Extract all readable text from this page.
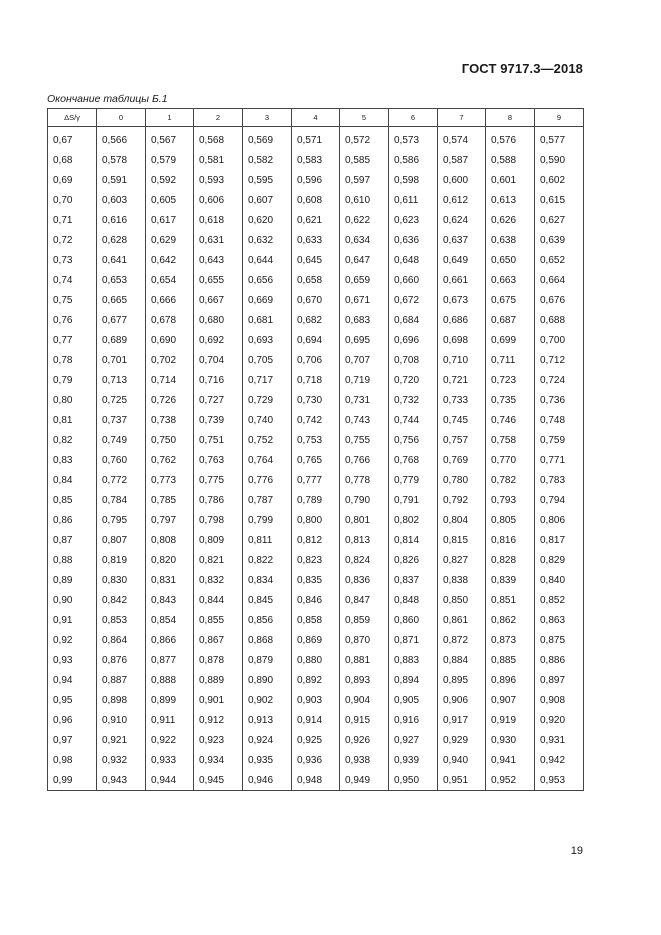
ГОСТ 9717.3—2018
Окончание таблицы Б.1
ΔS/γ	0	1	2	3	4	5	6	7	8	9
0,67	0,566	0,567	0,568	0,569	0,571	0,572	0,573	0,574	0,576	0,577
0,68	0,578	0,579	0,581	0,582	0,583	0,585	0,586	0,587	0,588	0,590
0,69	0,591	0,592	0,593	0,595	0,596	0,597	0,598	0,600	0,601	0,602
0,70	0,603	0,605	0,606	0,607	0,608	0,610	0,611	0,612	0,613	0,615
0,71	0,616	0,617	0,618	0,620	0,621	0,622	0,623	0,624	0,626	0,627
0,72	0,628	0,629	0,631	0,632	0,633	0,634	0,636	0,637	0,638	0,639
0,73	0,641	0,642	0,643	0,644	0,645	0,647	0,648	0,649	0,650	0,652
0,74	0,653	0,654	0,655	0,656	0,658	0,659	0,660	0,661	0,663	0,664
0,75	0,665	0,666	0,667	0,669	0,670	0,671	0,672	0,673	0,675	0,676
0,76	0,677	0,678	0,680	0,681	0,682	0,683	0,684	0,686	0,687	0,688
0,77	0,689	0,690	0,692	0,693	0,694	0,695	0,696	0,698	0,699	0,700
0,78	0,701	0,702	0,704	0,705	0,706	0,707	0,708	0,710	0,711	0,712
0,79	0,713	0,714	0,716	0,717	0,718	0,719	0,720	0,721	0,723	0,724
0,80	0,725	0,726	0,727	0,729	0,730	0,731	0,732	0,733	0,735	0,736
0,81	0,737	0,738	0,739	0,740	0,742	0,743	0,744	0,745	0,746	0,748
0,82	0,749	0,750	0,751	0,752	0,753	0,755	0,756	0,757	0,758	0,759
0,83	0,760	0,762	0,763	0,764	0,765	0,766	0,768	0,769	0,770	0,771
0,84	0,772	0,773	0,775	0,776	0,777	0,778	0,779	0,780	0,782	0,783
0,85	0,784	0,785	0,786	0,787	0,789	0,790	0,791	0,792	0,793	0,794
0,86	0,795	0,797	0,798	0,799	0,800	0,801	0,802	0,804	0,805	0,806
0,87	0,807	0,808	0,809	0,811	0,812	0,813	0,814	0,815	0,816	0,817
0,88	0,819	0,820	0,821	0,822	0,823	0,824	0,826	0,827	0,828	0,829
0,89	0,830	0,831	0,832	0,834	0,835	0,836	0,837	0,838	0,839	0,840
0,90	0,842	0,843	0,844	0,845	0,846	0,847	0,848	0,850	0,851	0,852
0,91	0,853	0,854	0,855	0,856	0,858	0,859	0,860	0,861	0,862	0,863
0,92	0,864	0,866	0,867	0,868	0,869	0,870	0,871	0,872	0,873	0,875
0,93	0,876	0,877	0,878	0,879	0,880	0,881	0,883	0,884	0,885	0,886
0,94	0,887	0,888	0,889	0,890	0,892	0,893	0,894	0,895	0,896	0,897
0,95	0,898	0,899	0,901	0,902	0,903	0,904	0,905	0,906	0,907	0,908
0,96	0,910	0,911	0,912	0,913	0,914	0,915	0,916	0,917	0,919	0,920
0,97	0,921	0,922	0,923	0,924	0,925	0,926	0,927	0,929	0,930	0,931
0,98	0,932	0,933	0,934	0,935	0,936	0,938	0,939	0,940	0,941	0,942
0,99	0,943	0,944	0,945	0,946	0,948	0,949	0,950	0,951	0,952	0,953
19
